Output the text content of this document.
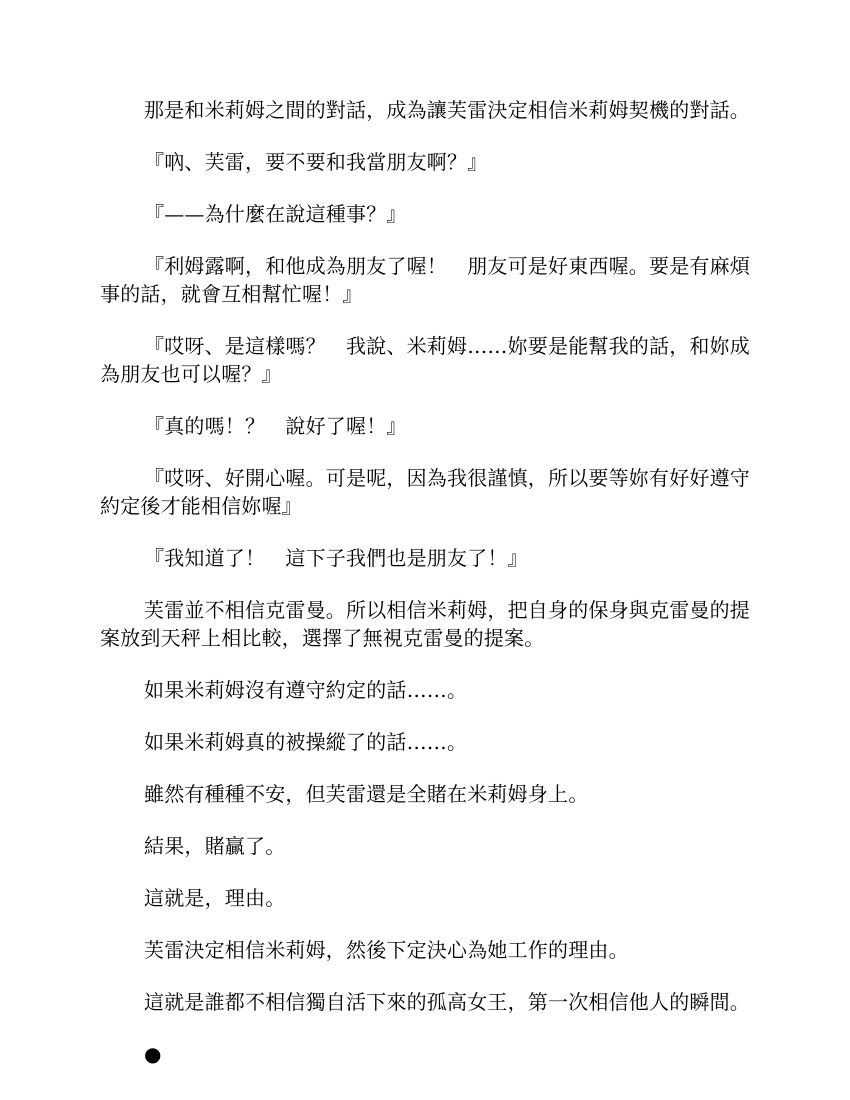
那是和米莉姆之間的對話，成為讓芙雷決定相信米莉姆契機的對話。

『吶、芙雷，要不要和我當朋友啊？』

『——為什麼在說這種事？』

『利姆露啊，和他成為朋友了喔！　朋友可是好東西喔。要是有麻煩事的話，就會互相幫忙喔！』

『哎呀、是這樣嗎？　我說、米莉姆……妳要是能幫我的話，和妳成為朋友也可以喔？』

『真的嗎！？　說好了喔！』

『哎呀、好開心喔。可是呢，因為我很謹慎，所以要等妳有好好遵守約定後才能相信妳喔』

『我知道了！　這下子我們也是朋友了！』

芙雷並不相信克雷曼。所以相信米莉姆，把自身的保身與克雷曼的提案放到天秤上相比較，選擇了無視克雷曼的提案。

如果米莉姆沒有遵守約定的話……。

如果米莉姆真的被操縱了的話……。

雖然有種種不安，但芙雷還是全賭在米莉姆身上。

結果，賭贏了。

這就是，理由。

芙雷決定相信米莉姆，然後下定決心為她工作的理由。

這就是誰都不相信獨自活下來的孤高女王，第一次相信他人的瞬間。

●
